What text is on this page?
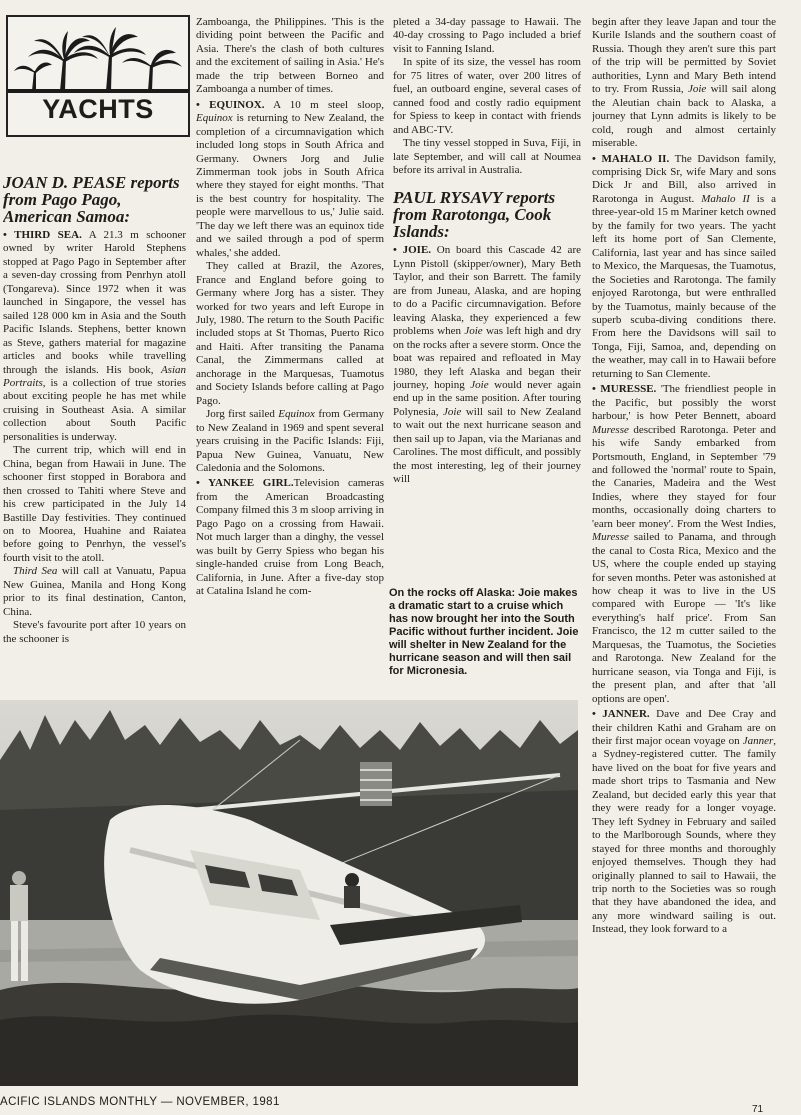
YACHTS
JOAN D. PEASE reports from Pago Pago, American Samoa:

• THIRD SEA. A 21.3 m schooner owned by writer Harold Stephens stopped at Pago Pago in September after a seven-day crossing from Penrhyn atoll (Tongareva). Since 1972 when it was launched in Singapore, the vessel has sailed 128 000 km in Asia and the South Pacific Islands. Stephens, better known as Steve, gathers material for magazine articles and books while travelling through the islands. His book, Asian Portraits, is a collection of true stories about exciting people he has met while cruising in Southeast Asia. A similar collection about South Pacific personalities is underway.

The current trip, which will end in China, began from Hawaii in June. The schooner first stopped in Borabora and then crossed to Tahiti where Steve and his crew participated in the July 14 Bastille Day festivities. They continued on to Moorea, Huahine and Raiatea before going to Penrhyn, the vessel's fourth visit to the atoll.

Third Sea will call at Vanuatu, Papua New Guinea, Manila and Hong Kong prior to its final destination, Canton, China.

Steve's favourite port after 10 years on the schooner is

Zamboanga, the Philippines. 'This is the dividing point between the Pacific and Asia. There's the clash of both cultures and the excitement of sailing in Asia.' He's made the trip between Borneo and Zamboanga a number of times.

• EQUINOX. A 10 m steel sloop, Equinox is returning to New Zealand, the completion of a circumnavigation which included long stops in South Africa and Germany. Owners Jorg and Julie Zimmerman took jobs in South Africa where they stayed for eight months. 'That is the best country for hospitality. The people were marvellous to us,' Julie said. 'The day we left there was an equinox tide and we sailed through a pod of sperm whales,' she added.

They called at Brazil, the Azores, France and England before going to Germany where Jorg has a sister. They worked for two years and left Europe in July, 1980. The return to the South Pacific included stops at St Thomas, Puerto Rico and Haiti. After transiting the Panama Canal, the Zimmermans called at anchorage in the Marquesas, Tuamotus and Society Islands before calling at Pago Pago.

Jorg first sailed Equinox from Germany to New Zealand in 1969 and spent several years cruising in the Pacific Islands: Fiji, Papua New Guinea, Vanuatu, New Caledonia and the Solomons.

• YANKEE GIRL.Television cameras from the American Broadcasting Company filmed this 3 m sloop arriving in Pago Pago on a crossing from Hawaii. Not much larger than a dinghy, the vessel was built by Gerry Spiess who began his single-handed cruise from Long Beach, California, in June. After a five-day stop at Catalina Island he com-

pleted a 34-day passage to Hawaii. The 40-day crossing to Pago included a brief visit to Fanning Island.

In spite of its size, the vessel has room for 75 litres of water, over 200 litres of fuel, an outboard engine, several cases of canned food and costly radio equipment for Spiess to keep in contact with friends and ABC-TV.

The tiny vessel stopped in Suva, Fiji, in late September, and will call at Noumea before its arrival in Australia.

PAUL RYSAVY reports from Rarotonga, Cook Islands:

• JOIE. On board this Cascade 42 are Lynn Pistoll (skipper/owner), Mary Beth Taylor, and their son Barrett. The family are from Juneau, Alaska, and are hoping to do a Pacific circumnavigation. Before leaving Alaska, they experienced a few problems when Joie was left high and dry on the rocks after a severe storm. Once the boat was repaired and refloated in May 1980, they left Alaska and began their journey, hoping Joie would never again end up in the same position. After touring Polynesia, Joie will sail to New Zealand to wait out the next hurricane season and then sail up to Japan, via the Marianas and Carolines. The most difficult, and possibly the most interesting, leg of their journey will

On the rocks off Alaska: Joie makes a dramatic start to a cruise which has now brought her into the South Pacific without further incident. Joie will shelter in New Zealand for the hurricane season and will then sail for Micronesia.

begin after they leave Japan and tour the Kurile Islands and the southern coast of Russia. Though they aren't sure this part of the trip will be permitted by Soviet authorities, Lynn and Mary Beth intend to try. From Russia, Joie will sail along the Aleutian chain back to Alaska, a journey that Lynn admits is likely to be cold, rough and almost certainly miserable.

• MAHALO II. The Davidson family, comprising Dick Sr, wife Mary and sons Dick Jr and Bill, also arrived in Rarotonga in August. Mahalo II is a three-year-old 15 m Mariner ketch owned by the family for two years. The yacht left its home port of San Clemente, California, last year and has since sailed to Mexico, the Marquesas, the Tuamotus, the Societies and Rarotonga. The family enjoyed Rarotonga, but were enthralled by the Tuamotus, mainly because of the superb scuba-diving conditions there. From here the Davidsons will sail to Tonga, Fiji, Samoa, and, depending on the weather, may call in to Hawaii before returning to San Clemente.

• MURESSE. 'The friendliest people in the Pacific, but possibly the worst harbour,' is how Peter Bennett, aboard Muresse described Rarotonga. Peter and his wife Sandy embarked from Portsmouth, England, in September '79 and followed the 'normal' route to Spain, the Canaries, Madeira and the West Indies, where they stayed for four months, occasionally doing charters to 'earn beer money'. From the West Indies, Muresse sailed to Panama, and through the canal to Costa Rica, Mexico and the US, where the couple ended up staying for seven months. Peter was astonished at how cheap it was to live in the US compared with Europe — 'It's like everything's half price'. From San Francisco, the 12 m cutter sailed to the Marquesas, the Tuamotus, the Societies and Rarotonga. New Zealand for the hurricane season, via Tonga and Fiji, is the present plan, and after that 'all options are open'.

• JANNER. Dave and Dee Cray and their children Kathi and Graham are on their first major ocean voyage on Janner, a Sydney-registered cutter. The family have lived on the boat for five years and made short trips to Tasmania and New Zealand, but decided early this year that they were ready for a longer voyage. They left Sydney in February and sailed to the Marlborough Sounds, where they stayed for three months and thoroughly enjoyed themselves. Though they had originally planned to sail to Hawaii, the trip north to the Societies was so rough that they have abandoned the idea, and any more windward sailing is out. Instead, they look forward to a

ACIFIC ISLANDS MONTHLY — NOVEMBER, 1981
71
